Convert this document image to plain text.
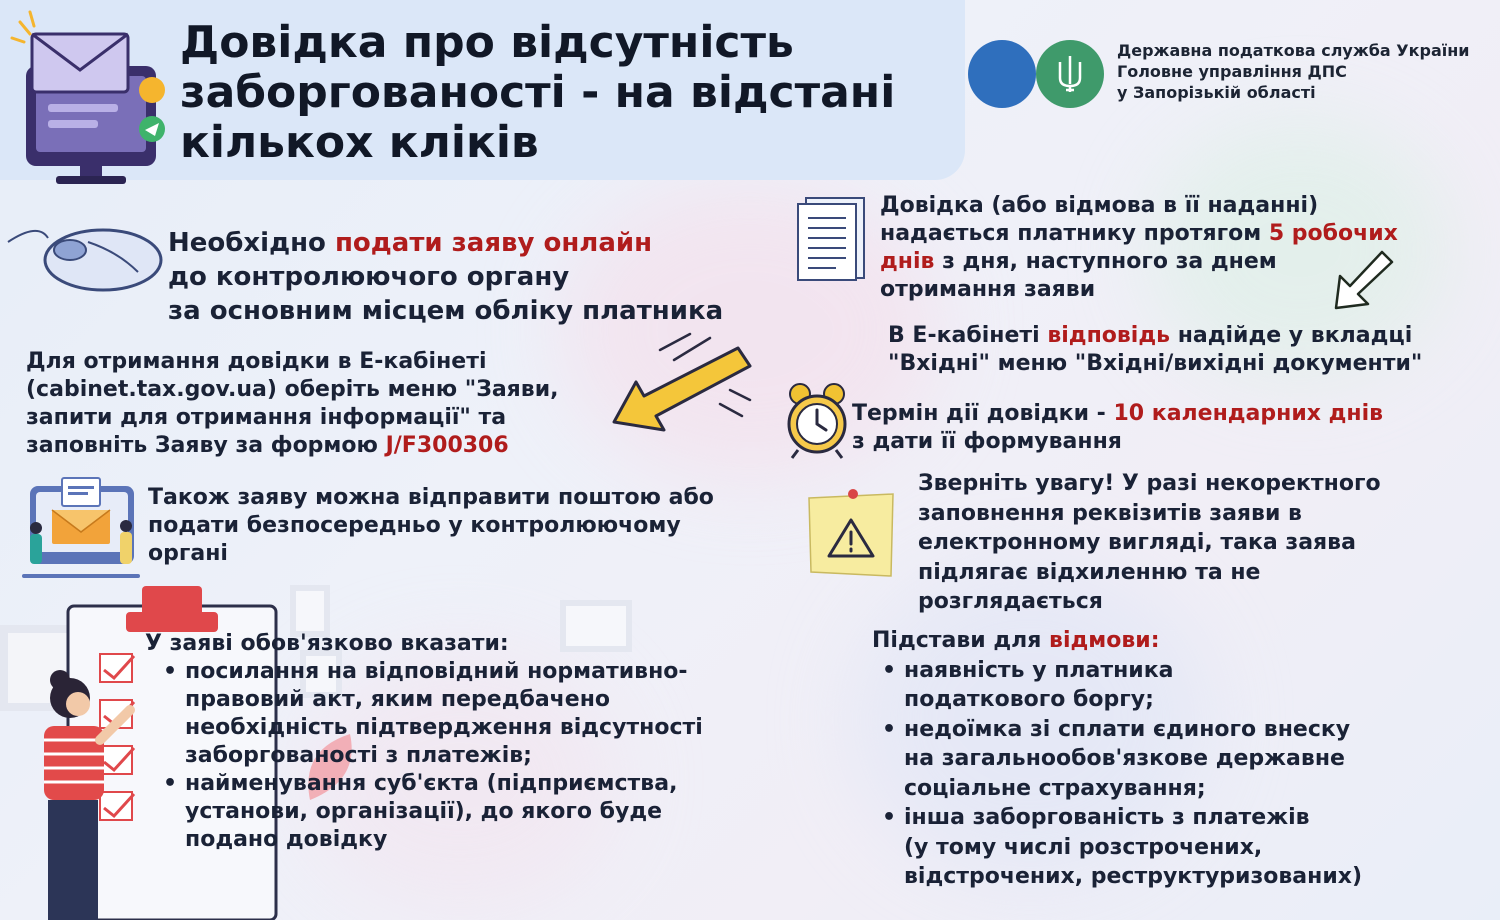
Довідка про відсутність заборгованості - на відстані кількох кліків
Державна податкова служба України
Головне управління ДПС
у Запорізькій області
Необхідно подати заяву онлайн
до контролюючого органу
за основним місцем обліку платника
Для отримання довідки в Е-кабінеті
(cabinet.tax.gov.ua) оберіть меню "Заяви,
запити для отримання інформації" та
заповніть Заяву за формою J/F300306
Також заяву можна відправити поштою або
подати безпосередньо у контролюючому
органі
У заяві обов'язково вказати:
• посилання на відповідний нормативно-
правовий акт, яким передбачено
необхідність підтвердження відсутності
заборгованості з платежів;
• найменування суб'єкта (підприємства,
установи, організації), до якого буде
подано довідку
Довідка (або відмова в її наданні)
надається платнику протягом 5 робочих
днів з дня, наступного за днем
отримання заяви
В Е-кабінеті відповідь надійде у вкладці
"Вхідні" меню "Вхідні/вихідні документи"
Термін дії довідки - 10 календарних днів
з дати її формування
Зверніть увагу! У разі некоректного
заповнення реквізитів заяви в
електронному вигляді, така заява
підлягає відхиленню та не
розглядається
Підстави для відмови:
• наявність у платника
податкового боргу;
• недоїмка зі сплати єдиного внеску
на загальнообов'язкове державне
соціальне страхування;
• інша заборгованість з платежів
(у тому числі розстрочених,
відстрочених, реструктуризованих)
